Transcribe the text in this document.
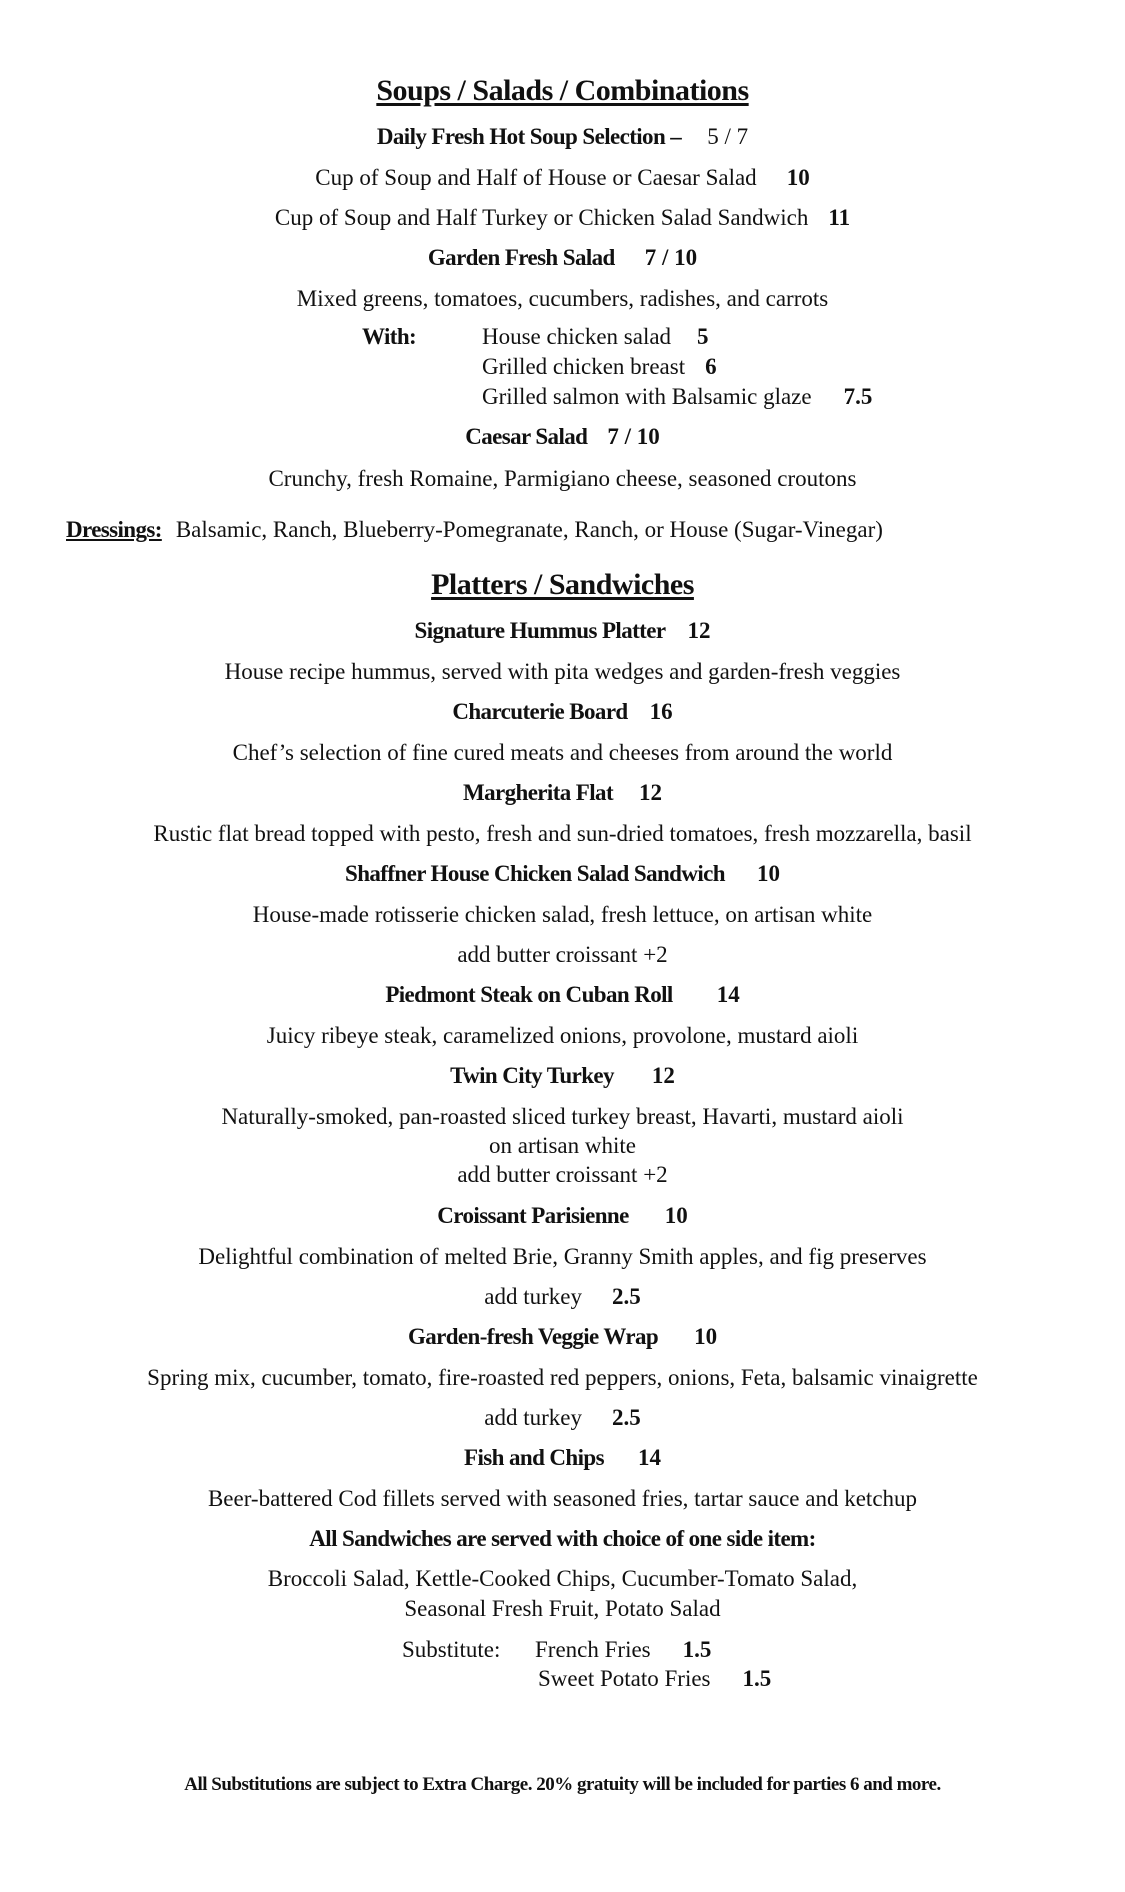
Soups / Salads / Combinations
Daily Fresh Hot Soup Selection – 5 / 7
Cup of Soup and Half of House or Caesar Salad 10
Cup of Soup and Half Turkey or Chicken Salad Sandwich 11
Garden Fresh Salad 7 / 10
Mixed greens, tomatoes, cucumbers, radishes, and carrots
With:	House chicken salad 5
Grilled chicken breast 6
Grilled salmon with Balsamic glaze 7.5
Caesar Salad 7 / 10
Crunchy, fresh Romaine, Parmigiano cheese, seasoned croutons
Dressings: Balsamic, Ranch, Blueberry-Pomegranate, Ranch, or House (Sugar-Vinegar)
Platters / Sandwiches
Signature Hummus Platter 12
House recipe hummus, served with pita wedges and garden-fresh veggies
Charcuterie Board 16
Chef’s selection of fine cured meats and cheeses from around the world
Margherita Flat 12
Rustic flat bread topped with pesto, fresh and sun-dried tomatoes, fresh mozzarella, basil
Shaffner House Chicken Salad Sandwich 10
House-made rotisserie chicken salad, fresh lettuce, on artisan white
add butter croissant +2
Piedmont Steak on Cuban Roll 14
Juicy ribeye steak, caramelized onions, provolone, mustard aioli
Twin City Turkey 12
Naturally-smoked, pan-roasted sliced turkey breast, Havarti, mustard aioli
on artisan white
add butter croissant +2
Croissant Parisienne 10
Delightful combination of melted Brie, Granny Smith apples, and fig preserves
add turkey 2.5
Garden-fresh Veggie Wrap 10
Spring mix, cucumber, tomato, fire-roasted red peppers, onions, Feta, balsamic vinaigrette
add turkey 2.5
Fish and Chips 14
Beer-battered Cod fillets served with seasoned fries, tartar sauce and ketchup
All Sandwiches are served with choice of one side item:
Broccoli Salad, Kettle-Cooked Chips, Cucumber-Tomato Salad,
Seasonal Fresh Fruit, Potato Salad
Substitute: French Fries 1.5
Sweet Potato Fries 1.5
All Substitutions are subject to Extra Charge. 20% gratuity will be included for parties 6 and more.
